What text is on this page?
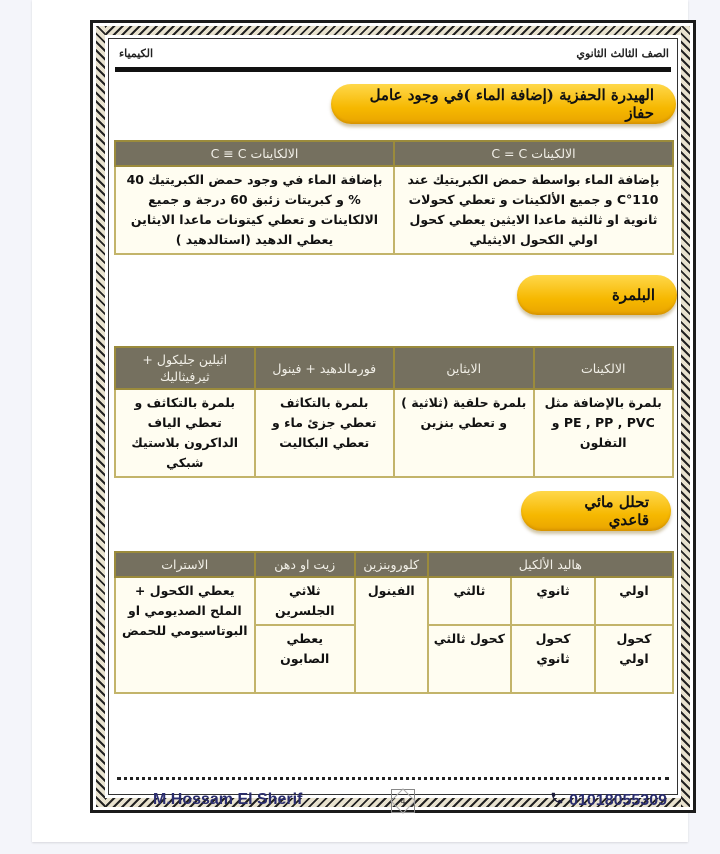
الصف الثالث الثانوي
الكيمياء
الهيدرة الحفزية (إضافة الماء )في وجود عامل حفاز
الالكينات C = C	الالكاينات C ≡ C
بإضافة الماء بواسطة حمض الكبريتيك عند 110°C و جميع الألكينات و تعطي كحولات ثانوية او ثالثية ماعدا الايثين يعطي كحول اولي الكحول الايثيلي	بإضافة الماء في وجود حمض الكبريتيك 40 % و كبريتات زئبق 60 درجة و جميع الالكاينات و تعطي كيتونات ماعدا الايثاين يعطي الدهيد (استالدهيد )
البلمرة
الالكينات	الايثاين	فورمالدهيد + فينول	اثيلين جليكول + ثيرفيثاليك
بلمرة بالإضافة مثل PE , PP , PVC و التفلون	بلمرة حلقية (ثلاثية ) و تعطي بنزين	بلمرة بالتكاثف تعطي جزئ ماء و تعطي البكاليت	بلمرة بالتكاثف و تعطي الياف الداكرون بلاستيك شبكي
تحلل مائي قاعدي
هاليد الألكيل			كلوروبنزين	زيت او دهن	الاسترات
اولي	ثانوي	ثالثي	الفينول	ثلاثي الجلسرين	يعطي الكحول + الملح الصديومي او البوتاسيومي للحمض
كحول اولي	كحول ثانوي	كحول ثالثي		يعطي الصابون	
M.Hossam El Sherif	4	01018055309
